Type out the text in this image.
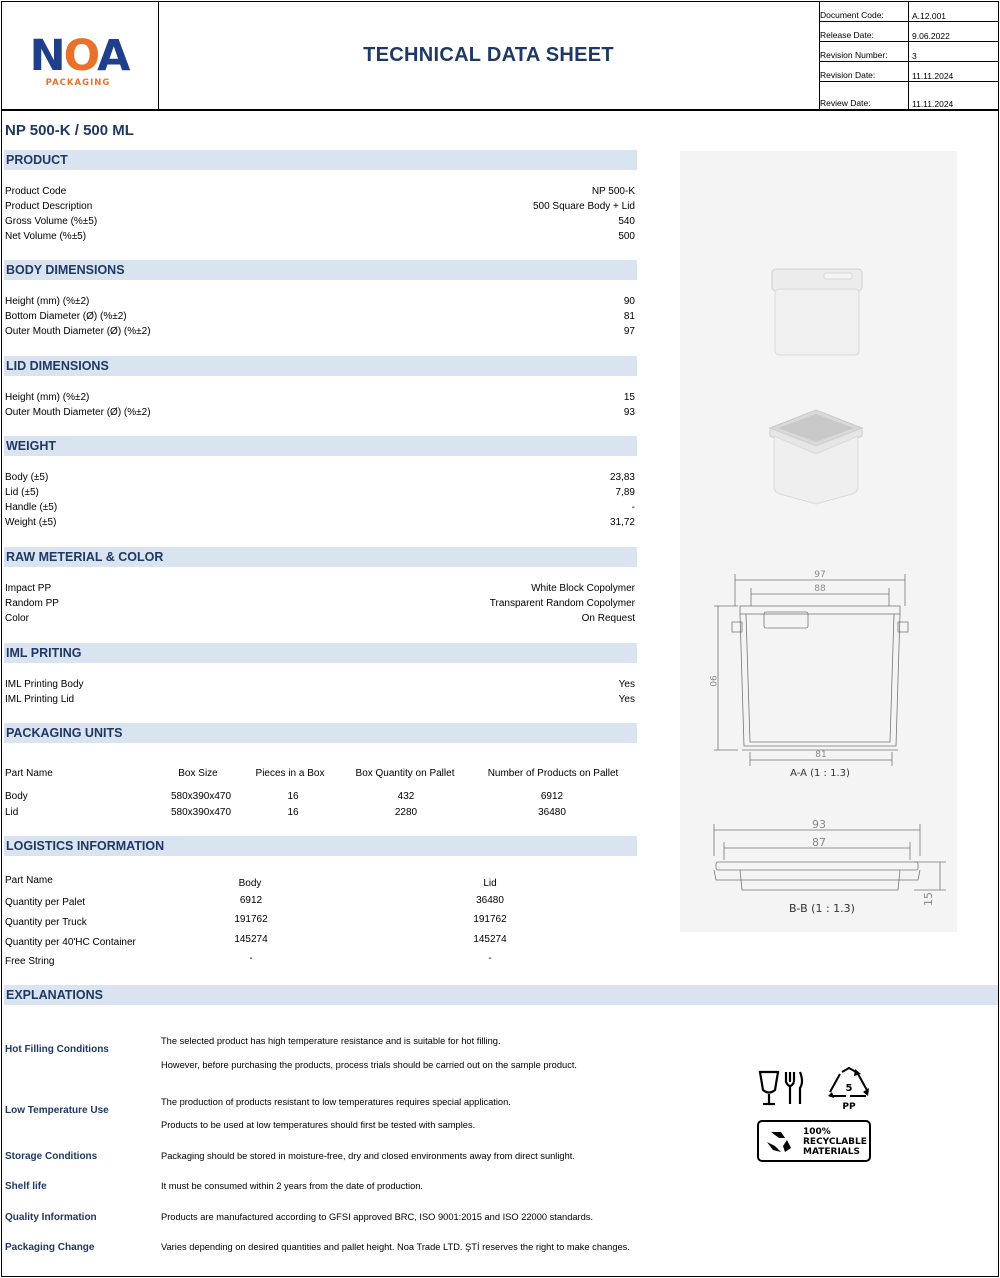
NOA
PACKAGING
TECHNICAL DATA SHEET
Document Code:	A.12.001
Release Date:	9.06.2022
Revision Number:	3
Revision Date:	11.11.2024
Review Date:	11.11.2024
NP 500-K / 500 ML
PRODUCT
Product Code	NP 500-K
Product Description	500 Square Body + Lid
Gross Volume (%±5)	540
Net Volume (%±5)	500
BODY DIMENSIONS
Height (mm) (%±2)	90
Bottom Diameter (Ø) (%±2)	81
Outer Mouth Diameter (Ø) (%±2)	97
LID DIMENSIONS
Height (mm) (%±2)	15
Outer Mouth Diameter (Ø) (%±2)	93
WEIGHT
Body (±5)	23,83
Lid (±5)	7,89
Handle (±5)	-
Weight (±5)	31,72
RAW METERIAL & COLOR
Impact PP	White Block Copolymer
Random PP	Transparent Random Copolymer
Color	On Request
IML PRITING
IML Printing Body	Yes
IML Printing Lid	Yes
PACKAGING UNITS
Part Name	Box Size	Pieces in a Box	Box Quantity on Pallet	Number of Products on Pallet
Body	580x390x470	16	432	6912
Lid	580x390x470	16	2280	36480
LOGISTICS INFORMATION
Part Name	Body	Lid
Quantity per Palet	6912	36480
Quantity per Truck	191762	191762
Quantity per 40'HC Container	145274	145274
Free String	-	-
97
88
90
81
A-A (1 : 1.3)
93
87
15
B-B (1 : 1.3)
EXPLANATIONS
Hot Filling Conditions
The selected product has high temperature resistance and is suitable for hot filling.
However, before purchasing the products, process trials should be carried out on the sample product.
Low Temperature Use
The production of products resistant to low temperatures requires special application.
Products to be used at low temperatures should first be tested with samples.
Storage Conditions	Packaging should be stored in moisture-free, dry and closed environments away from direct sunlight.
Shelf life	It must be consumed within 2 years from the date of production.
Quality Information	Products are manufactured according to GFSI approved BRC, ISO 9001:2015 and ISO 22000 standards.
Packaging Change	Varies depending on desired quantities and pallet height. Noa Trade LTD. ŞTİ reserves the right to make changes.
5
PP
100%
RECYCLABLE
MATERIALS
